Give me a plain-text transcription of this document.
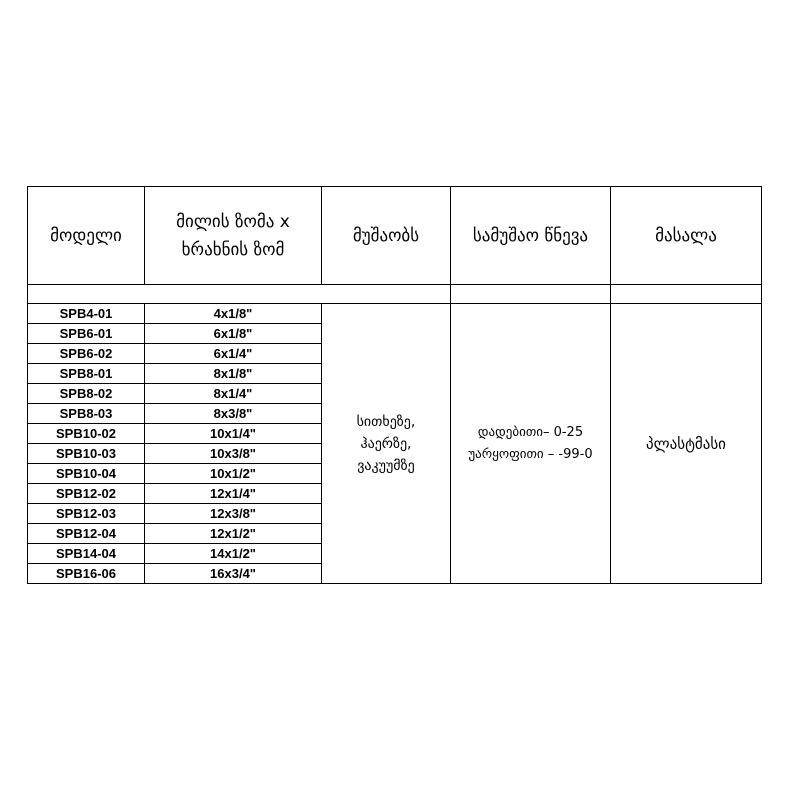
მოდელი	მილის ზომა x
ხრახნის ზომ	მუშაობს	სამუშაო წნევა	მასალა

SPB4-01	4x1/8"	სითხეზე,
ჰაერზე,
ვაკუუმზე	დადებითი– 0-25
უარყოფითი – -99-0	პლასტმასი
SPB6-01	6x1/8"			
SPB6-02	6x1/4"			
SPB8-01	8x1/8"			
SPB8-02	8x1/4"			
SPB8-03	8x3/8"			
SPB10-02	10x1/4"			
SPB10-03	10x3/8"			
SPB10-04	10x1/2"			
SPB12-02	12x1/4"			
SPB12-03	12x3/8"			
SPB12-04	12x1/2"			
SPB14-04	14x1/2"			
SPB16-06	16x3/4"			
